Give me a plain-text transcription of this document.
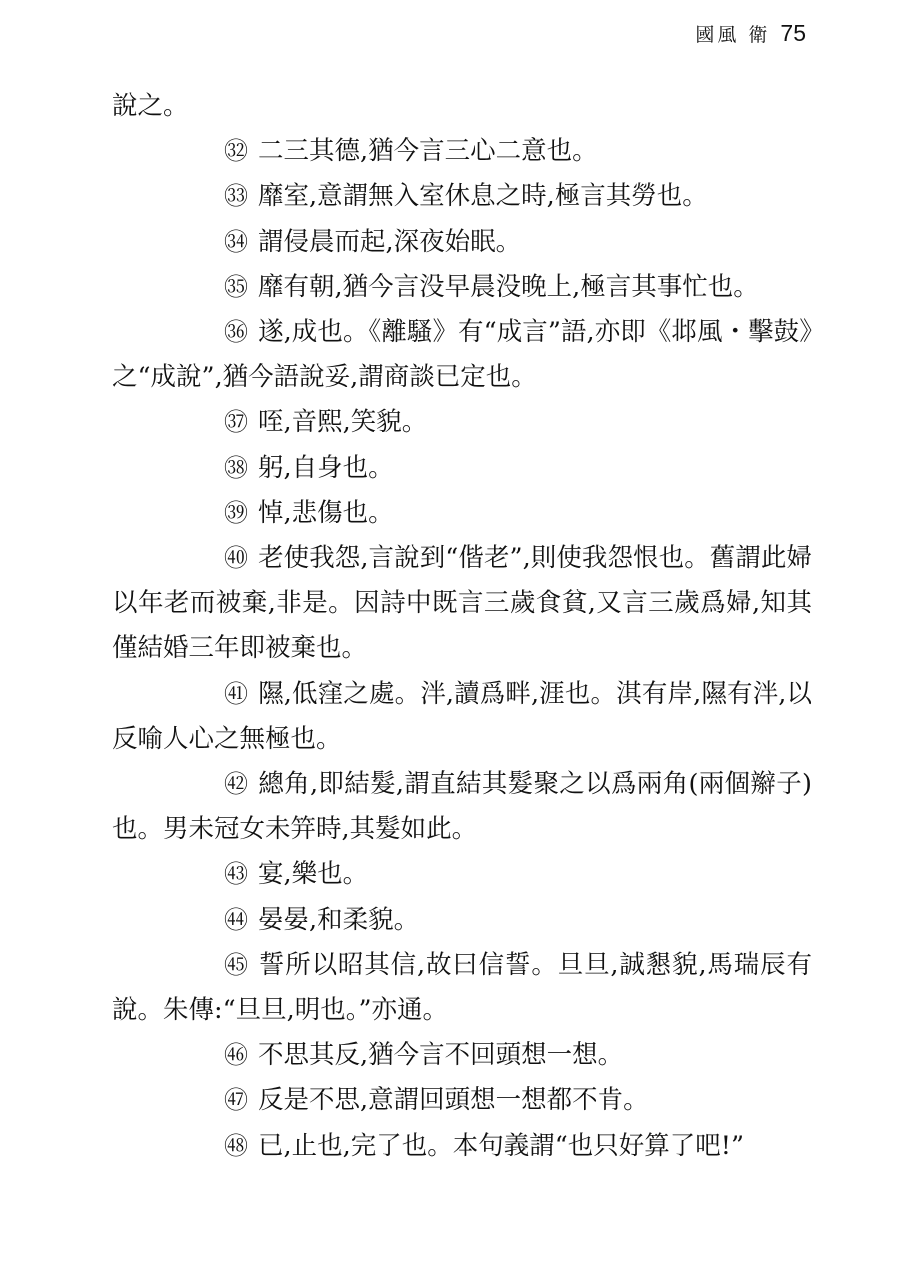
國風 衛 75

說之。

㉜ 二三其德,猶今言三心二意也。

㉝ 靡室,意謂無入室休息之時,極言其勞也。

㉞ 謂侵晨而起,深夜始眠。

㉟ 靡有朝,猶今言没早晨没晚上,極言其事忙也。

㊱ 遂,成也。《離騷》有“成言”語,亦即《邶風・擊鼓》之“成說”,猶今語說妥,謂商談已定也。

㊲ 咥,音熙,笑貌。

㊳ 躬,自身也。

㊴ 悼,悲傷也。

㊵ 老使我怨,言說到“偕老”,則使我怨恨也。舊謂此婦以年老而被棄,非是。因詩中既言三歲食貧,又言三歲爲婦,知其僅結婚三年即被棄也。

㊶ 隰,低窪之處。泮,讀爲畔,涯也。淇有岸,隰有泮,以反喻人心之無極也。

㊷ 總角,即結髮,謂直結其髮聚之以爲兩角(兩個辮子)也。男未冠女未笄時,其髮如此。

㊸ 宴,樂也。

㊹ 晏晏,和柔貌。

㊺ 誓所以昭其信,故曰信誓。旦旦,誠懇貌,馬瑞辰有說。朱傳:“旦旦,明也。”亦通。

㊻ 不思其反,猶今言不回頭想一想。

㊼ 反是不思,意謂回頭想一想都不肯。

㊽ 已,止也,完了也。本句義謂“也只好算了吧!”
